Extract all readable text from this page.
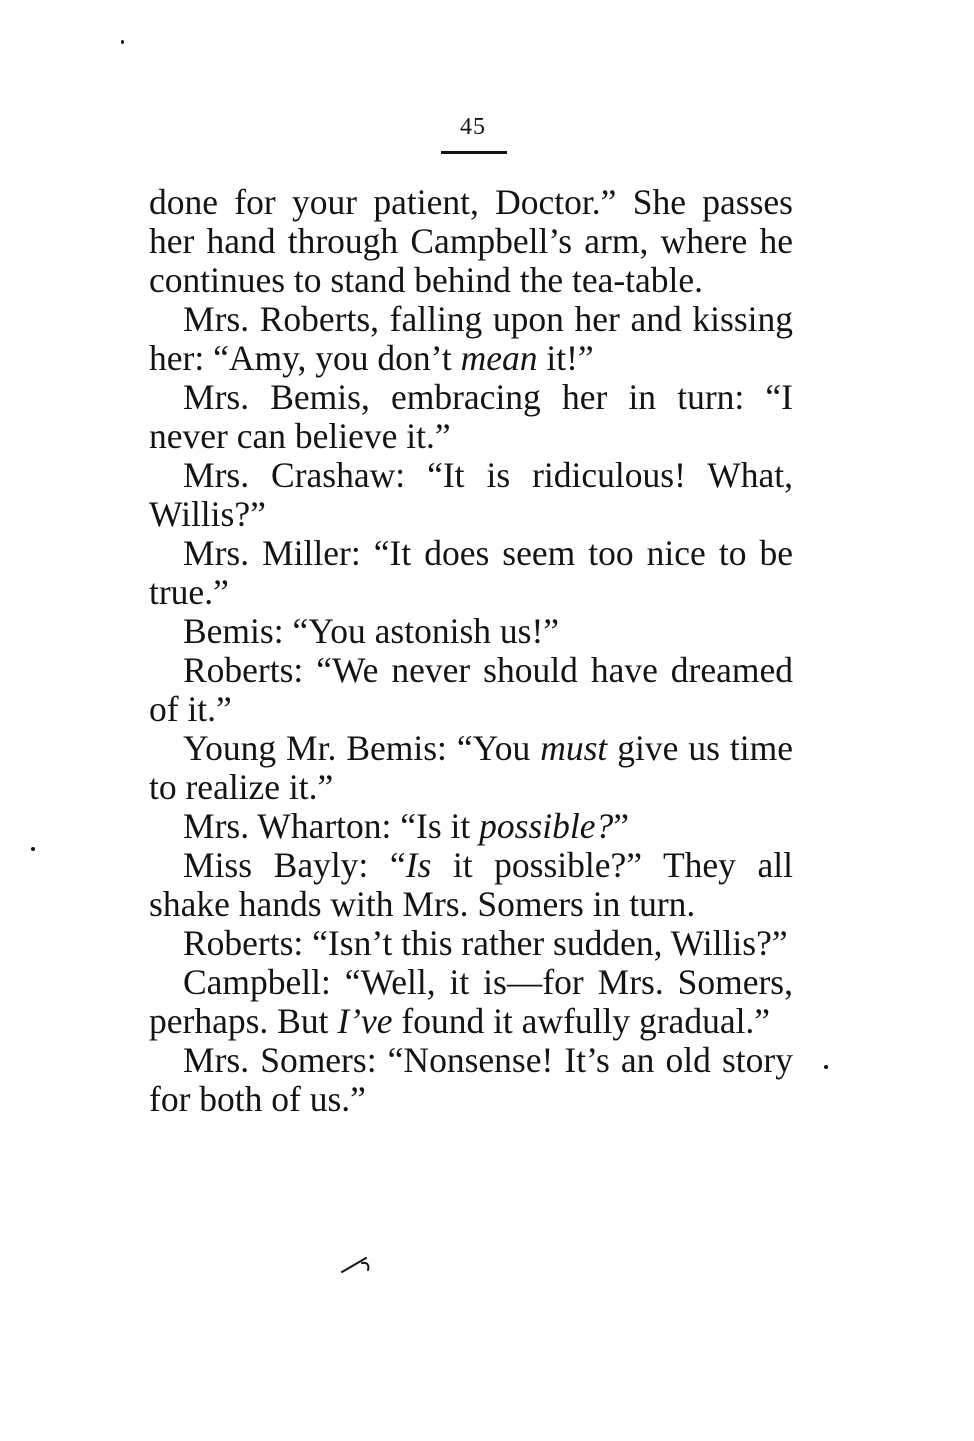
45

done for your patient, Doctor.” She passes her hand through Campbell’s arm, where he continues to stand behind the tea-table.

Mrs. Roberts, falling upon her and kissing her: “Amy, you don’t mean it!”

Mrs. Bemis, embracing her in turn: “I never can believe it.”

Mrs. Crashaw: “It is ridiculous! What, Willis?”

Mrs. Miller: “It does seem too nice to be true.”

Bemis: “You astonish us!”

Roberts: “We never should have dreamed of it.”

Young Mr. Bemis: “You must give us time to realize it.”

Mrs. Wharton: “Is it possible?”

Miss Bayly: “Is it possible?” They all shake hands with Mrs. Somers in turn.

Roberts: “Isn’t this rather sudden, Willis?”

Campbell: “Well, it is—for Mrs. Somers, perhaps. But I’ve found it awfully gradual.”

Mrs. Somers: “Nonsense! It’s an old story for both of us.”
